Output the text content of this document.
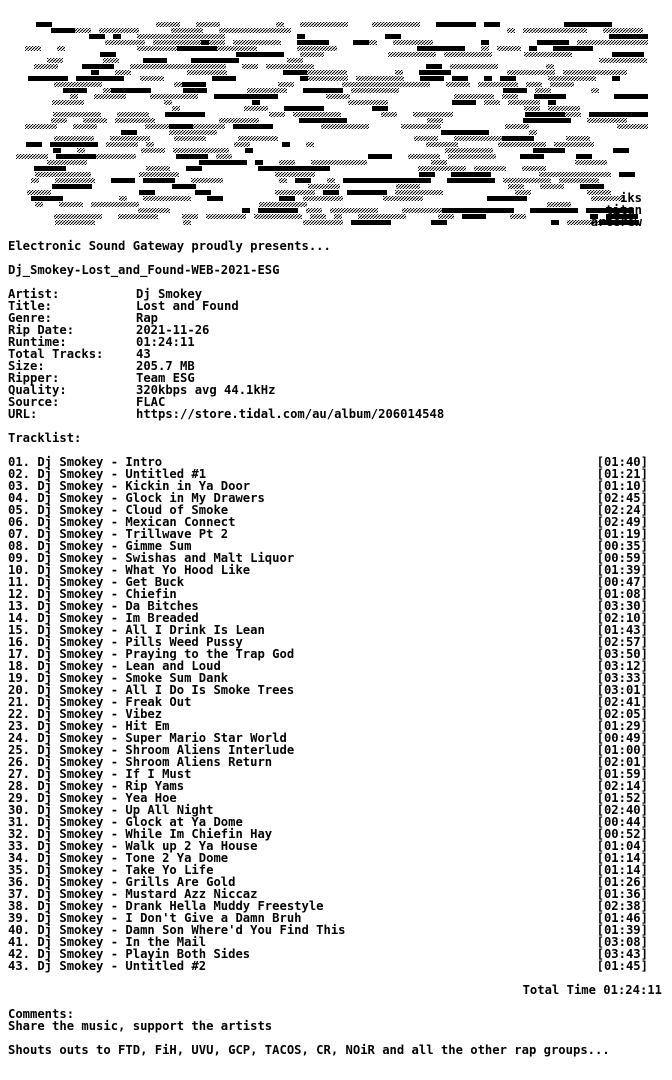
iks
titan
artcrew
Electronic Sound Gateway proudly presents...
Dj_Smokey-Lost_and_Found-WEB-2021-ESG
Artist:	Dj Smokey
Title:	Lost and Found
Genre:	Rap
Rip Date:	2021-11-26
Runtime:	01:24:11
Total Tracks:	43
Size:	205.7 MB
Ripper:	Team ESG
Quality:	320kbps avg 44.1kHz
Source:	FLAC
URL:	https://store.tidal.com/au/album/206014548
Tracklist:
01. Dj Smokey - Intro	[01:40]
02. Dj Smokey - Untitled #1	[01:21]
03. Dj Smokey - Kickin in Ya Door	[01:10]
04. Dj Smokey - Glock in My Drawers	[02:45]
05. Dj Smokey - Cloud of Smoke	[02:24]
06. Dj Smokey - Mexican Connect	[02:49]
07. Dj Smokey - Trillwave Pt 2	[01:19]
08. Dj Smokey - Gimme Sum	[00:35]
09. Dj Smokey - Swishas and Malt Liquor	[00:59]
10. Dj Smokey - What Yo Hood Like	[01:39]
11. Dj Smokey - Get Buck	[00:47]
12. Dj Smokey - Chiefin	[01:08]
13. Dj Smokey - Da Bitches	[03:30]
14. Dj Smokey - Im Breaded	[02:10]
15. Dj Smokey - All I Drink Is Lean	[01:43]
16. Dj Smokey - Pills Weed Pussy	[02:57]
17. Dj Smokey - Praying to the Trap God	[03:50]
18. Dj Smokey - Lean and Loud	[03:12]
19. Dj Smokey - Smoke Sum Dank	[03:33]
20. Dj Smokey - All I Do Is Smoke Trees	[03:01]
21. Dj Smokey - Freak Out	[02:41]
22. Dj Smokey - Vibez	[02:05]
23. Dj Smokey - Hit Em	[01:29]
24. Dj Smokey - Super Mario Star World	[00:49]
25. Dj Smokey - Shroom Aliens Interlude	[01:00]
26. Dj Smokey - Shroom Aliens Return	[02:01]
27. Dj Smokey - If I Must	[01:59]
28. Dj Smokey - Rip Yams	[02:14]
29. Dj Smokey - Yea Hoe	[01:52]
30. Dj Smokey - Up All Night	[02:40]
31. Dj Smokey - Glock at Ya Dome	[00:44]
32. Dj Smokey - While Im Chiefin Hay	[00:52]
33. Dj Smokey - Walk up 2 Ya House	[01:04]
34. Dj Smokey - Tone 2 Ya Dome	[01:14]
35. Dj Smokey - Take Yo Life	[01:14]
36. Dj Smokey - Grills Are Gold	[01:26]
37. Dj Smokey - Mustard Azz Niccaz	[01:36]
38. Dj Smokey - Drank Hella Muddy Freestyle	[02:38]
39. Dj Smokey - I Don't Give a Damn Bruh	[01:46]
40. Dj Smokey - Damn Son Where'd You Find This	[01:39]
41. Dj Smokey - In the Mail	[03:08]
42. Dj Smokey - Playin Both Sides	[03:43]
43. Dj Smokey - Untitled #2	[01:45]
Total Time 01:24:11
Comments:
Share the music, support the artists
Shouts outs to FTD, FiH, UVU, GCP, TACOS, CR, NOiR and all the other rap groups...
